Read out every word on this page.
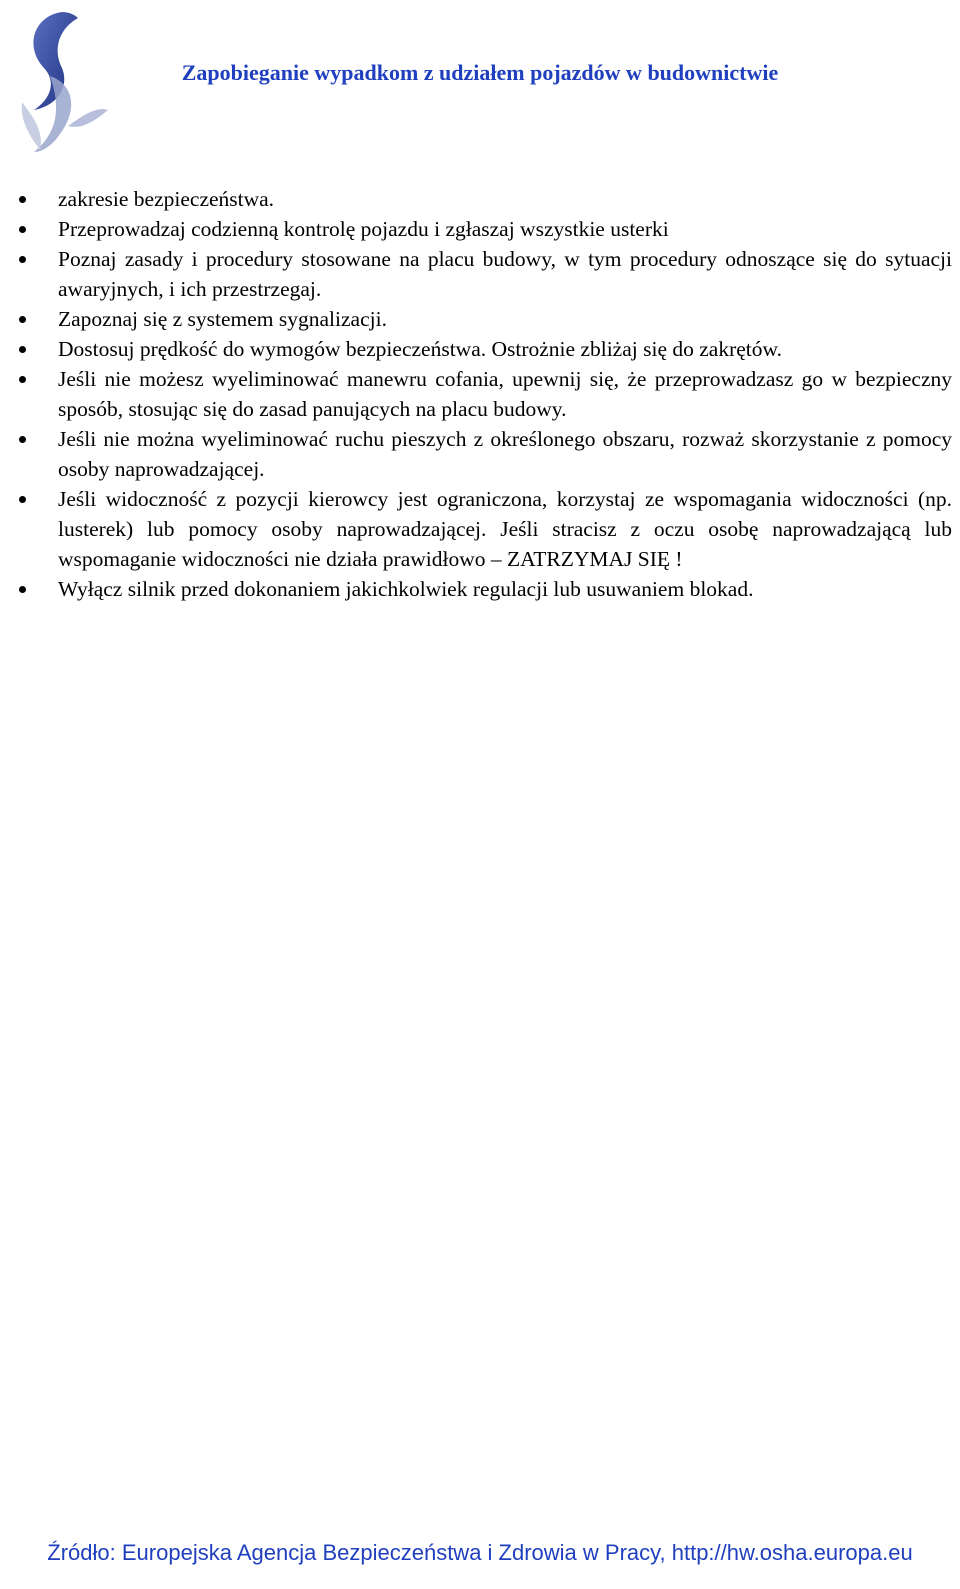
Zapobieganie wypadkom z udziałem pojazdów w budownictwie
zakresie bezpieczeństwa.
Przeprowadzaj codzienną kontrolę pojazdu i zgłaszaj wszystkie usterki
Poznaj zasady i procedury stosowane na placu budowy, w tym procedury odnoszące się do sytuacji awaryjnych, i ich przestrzegaj.
Zapoznaj się z systemem sygnalizacji.
Dostosuj prędkość do wymogów bezpieczeństwa. Ostrożnie zbliżaj się do zakrętów.
Jeśli nie możesz wyeliminować manewru cofania, upewnij się, że przeprowadzasz go w bezpieczny sposób, stosując się do zasad panujących na placu budowy.
Jeśli nie można wyeliminować ruchu pieszych z określonego obszaru, rozważ skorzystanie z pomocy osoby naprowadzającej.
Jeśli widoczność z pozycji kierowcy jest ograniczona, korzystaj ze wspomagania widoczności (np. lusterek) lub pomocy osoby naprowadzającej. Jeśli stracisz z oczu osobę naprowadzającą lub wspomaganie widoczności nie działa prawidłowo – ZATRZYMAJ SIĘ !
Wyłącz silnik przed dokonaniem jakichkolwiek regulacji lub usuwaniem blokad.
Źródło: Europejska Agencja Bezpieczeństwa i Zdrowia w Pracy, http://hw.osha.europa.eu
